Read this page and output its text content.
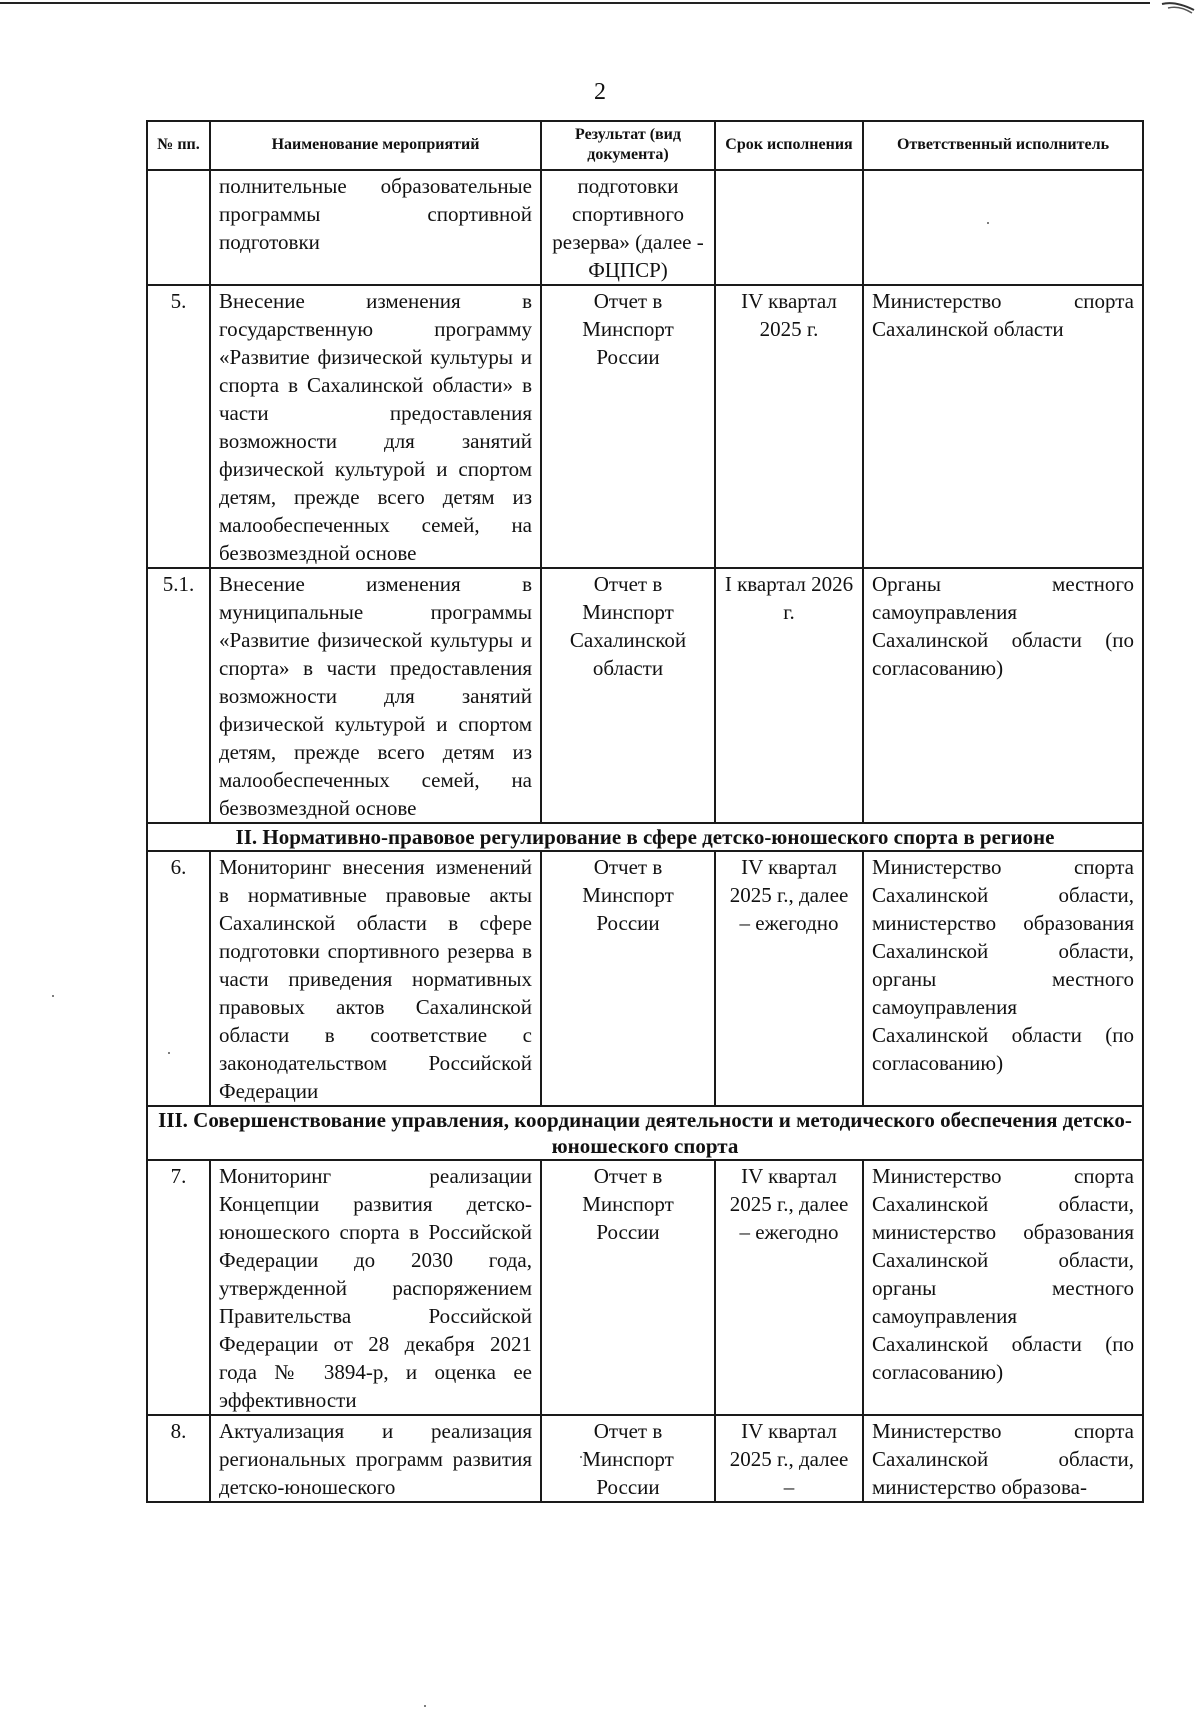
2
№ пп.	Наименование мероприятий	Результат (вид документа)	Срок исполнения	Ответственный исполнитель
	полнительные образовательные программы спортивной подготовки	подготовки спортивного резерва» (далее - ФЦПСР)		
5.	Внесение изменения в государственную программу «Развитие физической культуры и спорта в Сахалинской области» в части предоставления возможности для занятий физической культурой и спортом детям, прежде всего детям из малообеспеченных семей, на безвозмездной основе	Отчет в Минспорт России	IV квартал 2025 г.	Министерство спорта Сахалинской области
5.1.	Внесение изменения в муниципальные программы «Развитие физической культуры и спорта» в части предоставления возможности для занятий физической культурой и спортом детям, прежде всего детям из малообеспеченных семей, на безвозмездной основе	Отчет в Минспорт Сахалинской области	I квартал 2026 г.	Органы местного самоуправления Сахалинской области (по согласованию)
II. Нормативно-правовое регулирование в сфере детско-юношеского спорта в регионе				
6.	Мониторинг внесения изменений в нормативные правовые акты Сахалинской области в сфере подготовки спортивного резерва в части приведения нормативных правовых актов Сахалинской области в соответствие с законодательством Российской Федерации	Отчет в Минспорт России	IV квартал 2025 г., далее – ежегодно	Министерство спорта Сахалинской области, министерство образования Сахалинской области, органы местного самоуправления Сахалинской области (по согласованию)
III. Совершенствование управления, координации деятельности и методического обеспечения детско-юношеского спорта				
7.	Мониторинг реализации Концепции развития детско-юношеского спорта в Российской Федерации до 2030 года, утвержденной распоряжением Правительства Российской Федерации от 28 декабря 2021 года № 3894-р, и оценка ее эффективности	Отчет в Минспорт России	IV квартал 2025 г., далее – ежегодно	Министерство спорта Сахалинской области, министерство образования Сахалинской области, органы местного самоуправления Сахалинской области (по согласованию)
8.	Актуализация и реализация региональных программ развития детско-юношеского	Отчет в Минспорт России	IV квартал 2025 г., далее –	Министерство спорта Сахалинской области, министерство образова-
